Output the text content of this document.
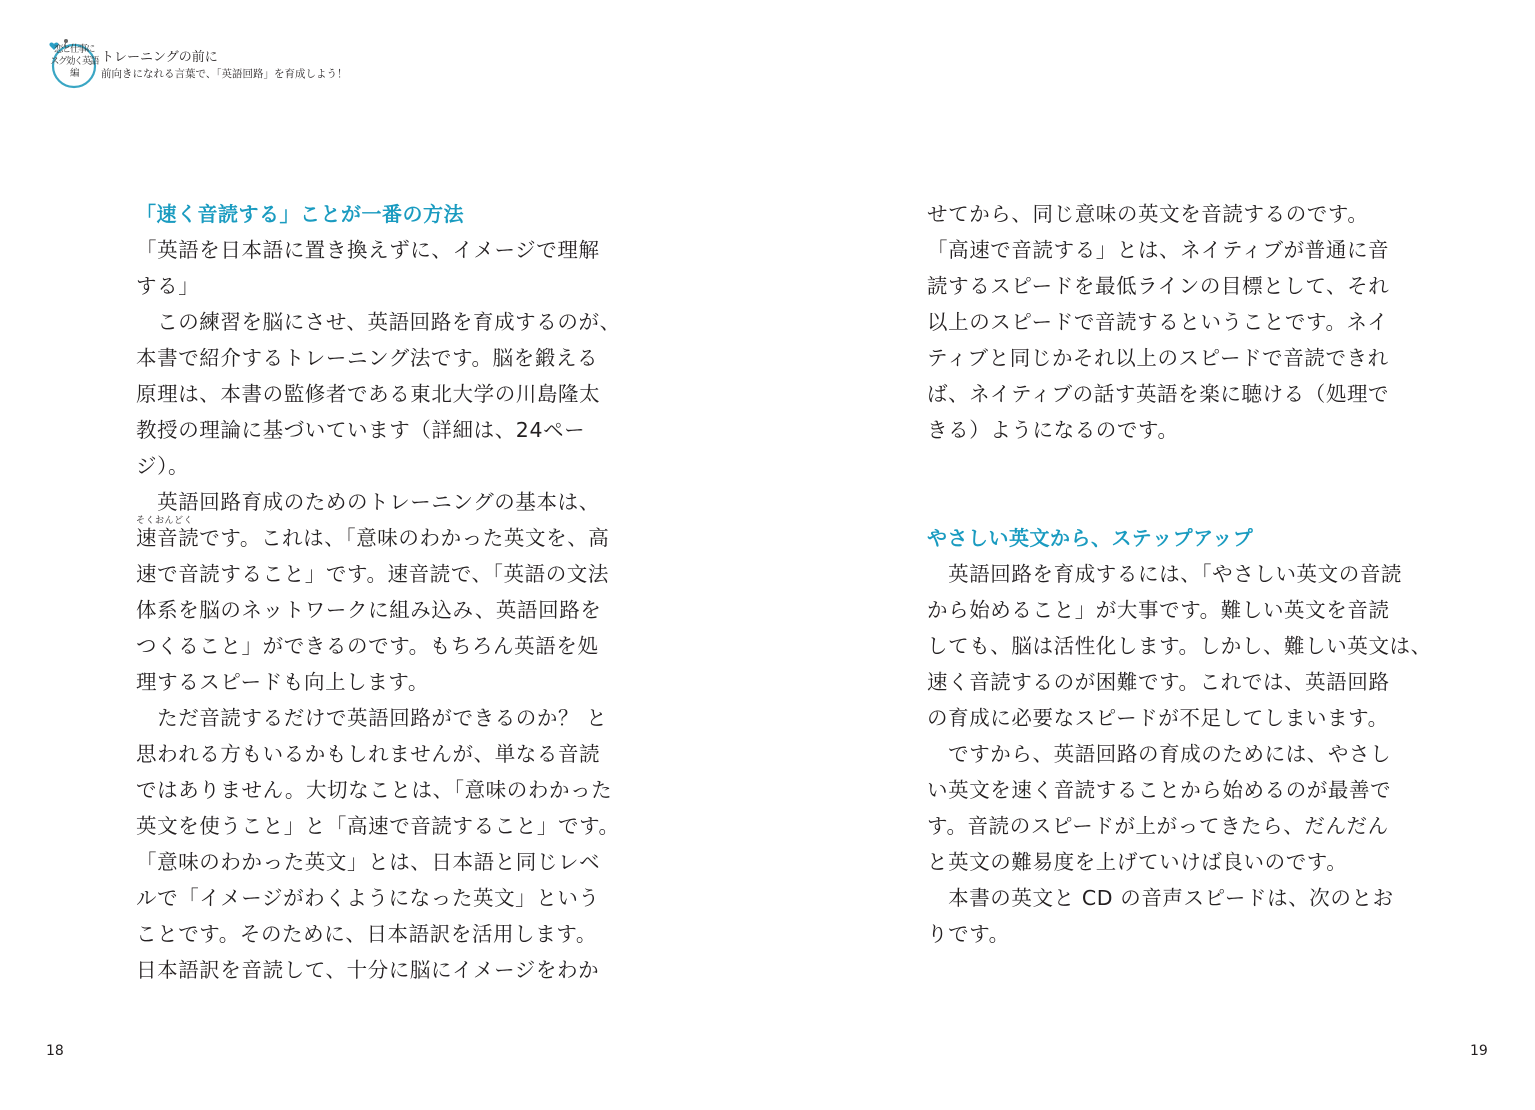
恋と仕事に
スグ効く英語
編
トレーニングの前に
前向きになれる言葉で、「英語回路」を育成しよう！
「速く音読する」ことが一番の方法
「英語を日本語に置き換えずに、イメージで理解
する」
　この練習を脳にさせ、英語回路を育成するのが、
本書で紹介するトレーニング法です。脳を鍛える
原理は、本書の監修者である東北大学の川島隆太
教授の理論に基づいています（詳細は、24ペー
ジ）。
　英語回路育成のためのトレーニングの基本は、
そくおんどく
速音読です。これは、「意味のわかった英文を、高
速で音読すること」です。速音読で、「英語の文法
体系を脳のネットワークに組み込み、英語回路を
つくること」ができるのです。もちろん英語を処
理するスピードも向上します。
　ただ音読するだけで英語回路ができるのか？ と
思われる方もいるかもしれませんが、単なる音読
ではありません。大切なことは、「意味のわかった
英文を使うこと」と「高速で音読すること」です。
「意味のわかった英文」とは、日本語と同じレベ
ルで「イメージがわくようになった英文」という
ことです。そのために、日本語訳を活用します。
日本語訳を音読して、十分に脳にイメージをわか
せてから、同じ意味の英文を音読するのです。
「高速で音読する」とは、ネイティブが普通に音
読するスピードを最低ラインの目標として、それ
以上のスピードで音読するということです。ネイ
ティブと同じかそれ以上のスピードで音読できれ
ば、ネイティブの話す英語を楽に聴ける（処理で
きる）ようになるのです。
やさしい英文から、ステップアップ
　英語回路を育成するには、「やさしい英文の音読
から始めること」が大事です。難しい英文を音読
しても、脳は活性化します。しかし、難しい英文は、
速く音読するのが困難です。これでは、英語回路
の育成に必要なスピードが不足してしまいます。
　ですから、英語回路の育成のためには、やさし
い英文を速く音読することから始めるのが最善で
す。音読のスピードが上がってきたら、だんだん
と英文の難易度を上げていけば良いのです。
　本書の英文と CD の音声スピードは、次のとお
りです。
18	19
